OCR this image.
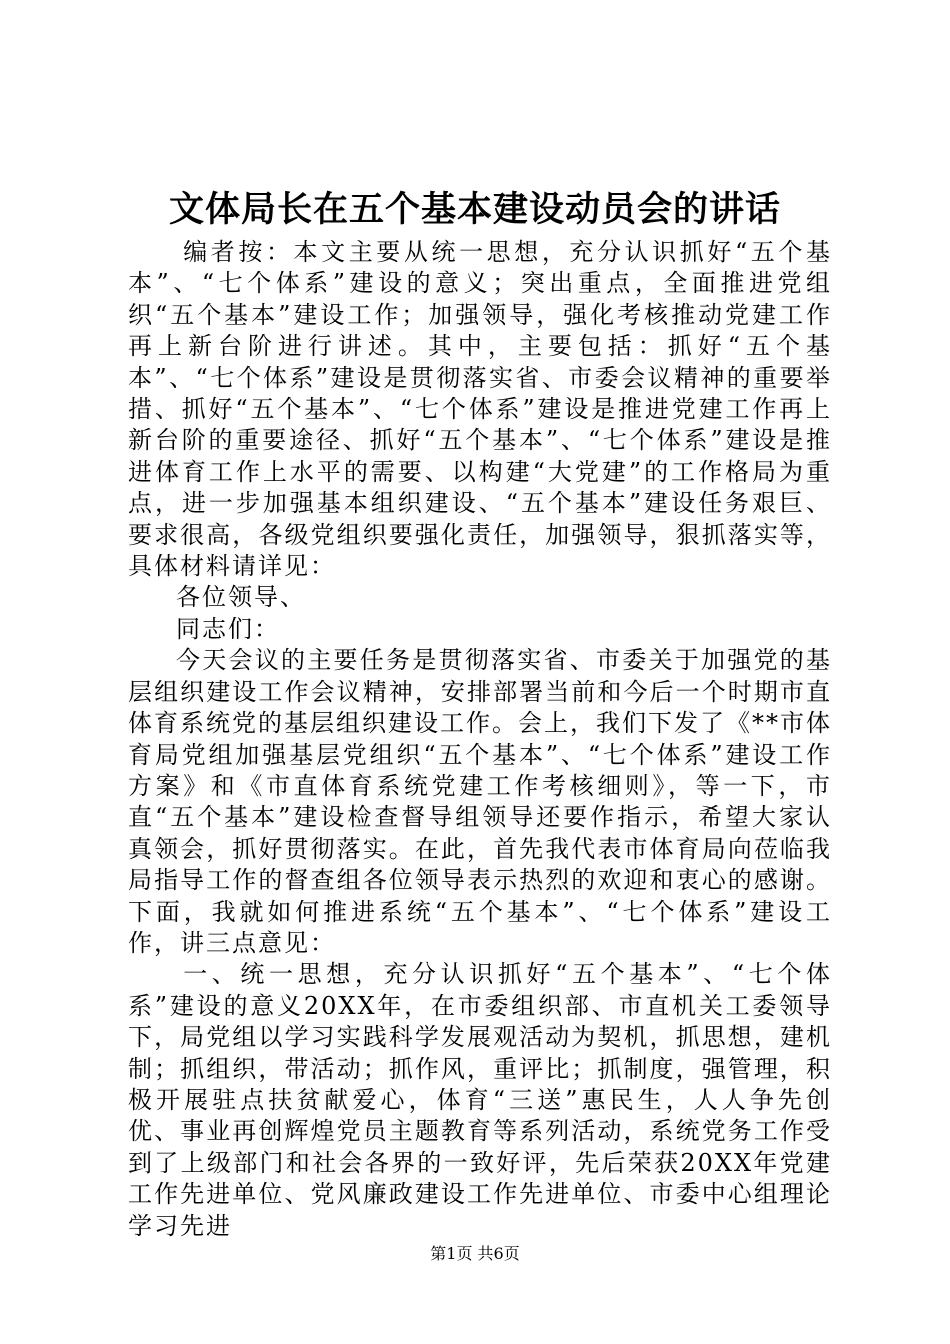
文体局长在五个基本建设动员会的讲话

编者按：本文主要从统一思想，充分认识抓好“五个基本”、“七个体系”建设的意义；突出重点，全面推进党组织“五个基本”建设工作；加强领导，强化考核推动党建工作再上新台阶进行讲述。其中，主要包括：抓好“五个基本”、“七个体系”建设是贯彻落实省、市委会议精神的重要举措、抓好“五个基本”、“七个体系”建设是推进党建工作再上新台阶的重要途径、抓好“五个基本”、“七个体系”建设是推进体育工作上水平的需要、以构建“大党建”的工作格局为重点，进一步加强基本组织建设、“五个基本”建设任务艰巨、要求很高，各级党组织要强化责任，加强领导，狠抓落实等，具体材料请详见：

各位领导、

同志们：

今天会议的主要任务是贯彻落实省、市委关于加强党的基层组织建设工作会议精神，安排部署当前和今后一个时期市直体育系统党的基层组织建设工作。会上，我们下发了《**市体育局党组加强基层党组织“五个基本”、“七个体系”建设工作方案》和《市直体育系统党建工作考核细则》，等一下，市直“五个基本”建设检查督导组领导还要作指示，希望大家认真领会，抓好贯彻落实。在此，首先我代表市体育局向莅临我局指导工作的督查组各位领导表示热烈的欢迎和衷心的感谢。下面，我就如何推进系统“五个基本”、“七个体系”建设工作，讲三点意见：

一、统一思想，充分认识抓好“五个基本”、“七个体系”建设的意义20XX年，在市委组织部、市直机关工委领导下，局党组以学习实践科学发展观活动为契机，抓思想，建机制；抓组织，带活动；抓作风，重评比；抓制度，强管理，积极开展驻点扶贫献爱心，体育“三送”惠民生，人人争先创优、事业再创辉煌党员主题教育等系列活动，系统党务工作受到了上级部门和社会各界的一致好评，先后荣获20XX年党建工作先进单位、党风廉政建设工作先进单位、市委中心组理论学习先进

第1页 共6页
